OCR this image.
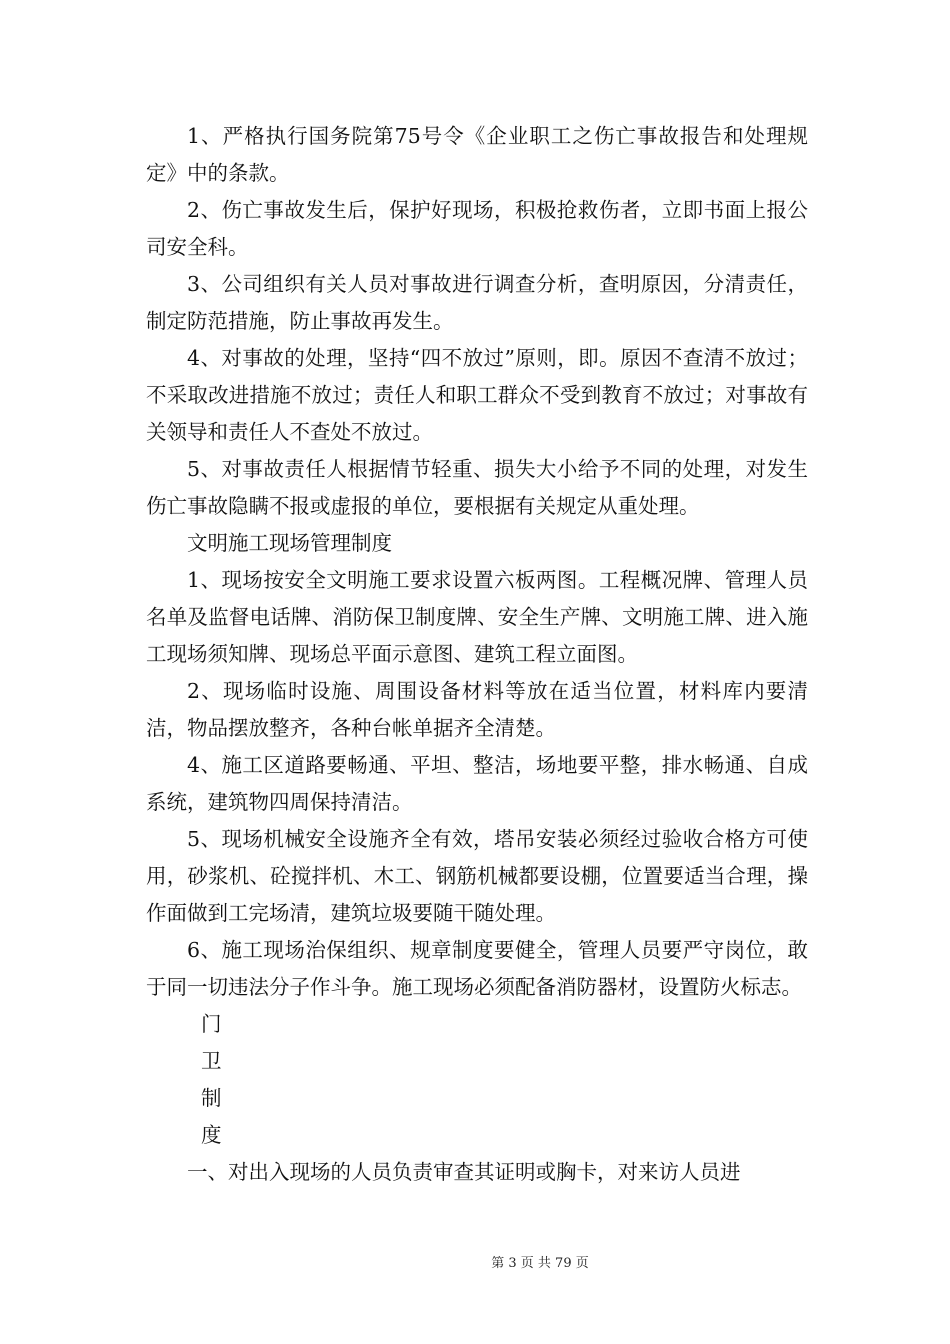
1、严格执行国务院第75号令《企业职工之伤亡事故报告和处理规定》中的条款。

2、伤亡事故发生后，保护好现场，积极抢救伤者，立即书面上报公司安全科。

3、公司组织有关人员对事故进行调查分析，查明原因，分清责任，制定防范措施，防止事故再发生。

4、对事故的处理，坚持“四不放过”原则，即。原因不查清不放过；不采取改进措施不放过；责任人和职工群众不受到教育不放过；对事故有关领导和责任人不查处不放过。

5、对事故责任人根据情节轻重、损失大小给予不同的处理，对发生伤亡事故隐瞒不报或虚报的单位，要根据有关规定从重处理。

文明施工现场管理制度

1、现场按安全文明施工要求设置六板两图。工程概况牌、管理人员名单及监督电话牌、消防保卫制度牌、安全生产牌、文明施工牌、进入施工现场须知牌、现场总平面示意图、建筑工程立面图。

2、现场临时设施、周围设备材料等放在适当位置，材料库内要清洁，物品摆放整齐，各种台帐单据齐全清楚。

4、施工区道路要畅通、平坦、整洁，场地要平整，排水畅通、自成系统，建筑物四周保持清洁。

5、现场机械安全设施齐全有效，塔吊安装必须经过验收合格方可使用，砂浆机、砼搅拌机、木工、钢筋机械都要设棚，位置要适当合理，操作面做到工完场清，建筑垃圾要随干随处理。

6、施工现场治保组织、规章制度要健全，管理人员要严守岗位，敢于同一切违法分子作斗争。施工现场必须配备消防器材，设置防火标志。

门

卫

制

度

一、对出入现场的人员负责审查其证明或胸卡，对来访人员进

第 3 页 共 79 页
